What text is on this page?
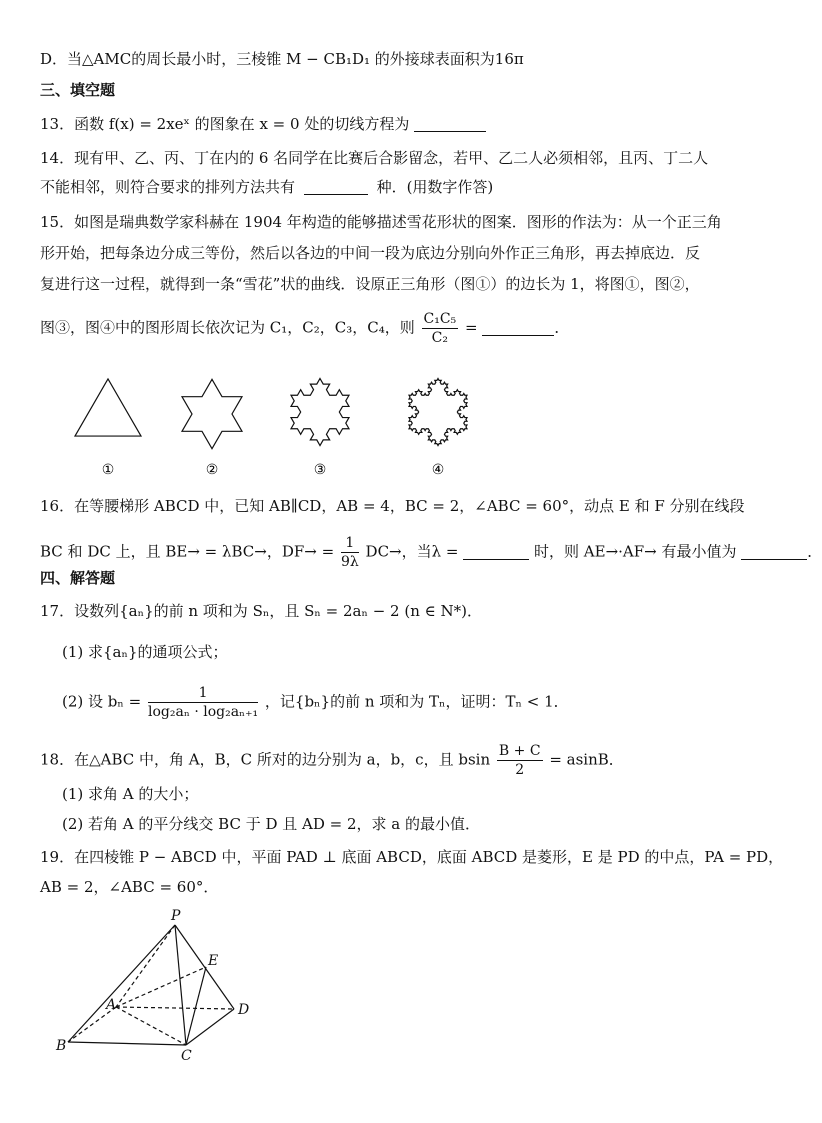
D．当△AMC的周长最小时，三棱锥 M − CB₁D₁ 的外接球表面积为16π
三、填空题
13．函数 f(x) = 2xeˣ 的图象在 x = 0 处的切线方程为
14．现有甲、乙、丙、丁在内的 6 名同学在比赛后合影留念，若甲、乙二人必须相邻，且丙、丁二人
不能相邻，则符合要求的排列方法共有	种．(用数字作答)
15．如图是瑞典数学家科赫在 1904 年构造的能够描述雪花形状的图案．图形的作法为：从一个正三角
形开始，把每条边分成三等份，然后以各边的中间一段为底边分别向外作正三角形，再去掉底边．反
复进行这一过程，就得到一条“雪花”状的曲线．设原正三角形（图①）的边长为 1，将图①，图②，
图③，图④中的图形周长依次记为 C₁，C₂，C₃，C₄，则 $\frac{\text{C₁C₅}}{\text{C₂}}$ =	．
①	②	③	④
16．在等腰梯形 ABCD 中，已知 AB∥CD，AB = 4，BC = 2，∠ABC = 60°，动点 E 和 F 分别在线段
BC 和 DC 上，且 BE→ = λBC→，$DF\to = \frac{1}{9\lambda} DC\to$，当λ =	时，则 AE→·AF→ 有最小值为	．
四、解答题
17．设数列{aₙ}的前 n 项和为 Sₙ，且 Sₙ = 2aₙ − 2 (n ∈ N*)．
(1) 求{aₙ}的通项公式；
(2) 设 $b_n = \frac{1}{\text{log₂aₙ · log₂aₙ₊₁}}$ ，记{bₙ}的前 n 项和为 Tₙ，证明：Tₙ < 1．
18．在△ABC 中，角 A，B，C 所对的边分别为 a，b，c，且 bsin $\frac{B + C}{2} = asinB$．
(1) 求角 A 的大小；
(2) 若角 A 的平分线交 BC 于 D 且 AD = 2，求 a 的最小值．
19．在四棱锥 P − ABCD 中，平面 PAD ⊥ 底面 ABCD，底面 ABCD 是菱形，E 是 PD 的中点，PA = PD，
AB = 2，∠ABC = 60°．
P
E
A	D
B
C
